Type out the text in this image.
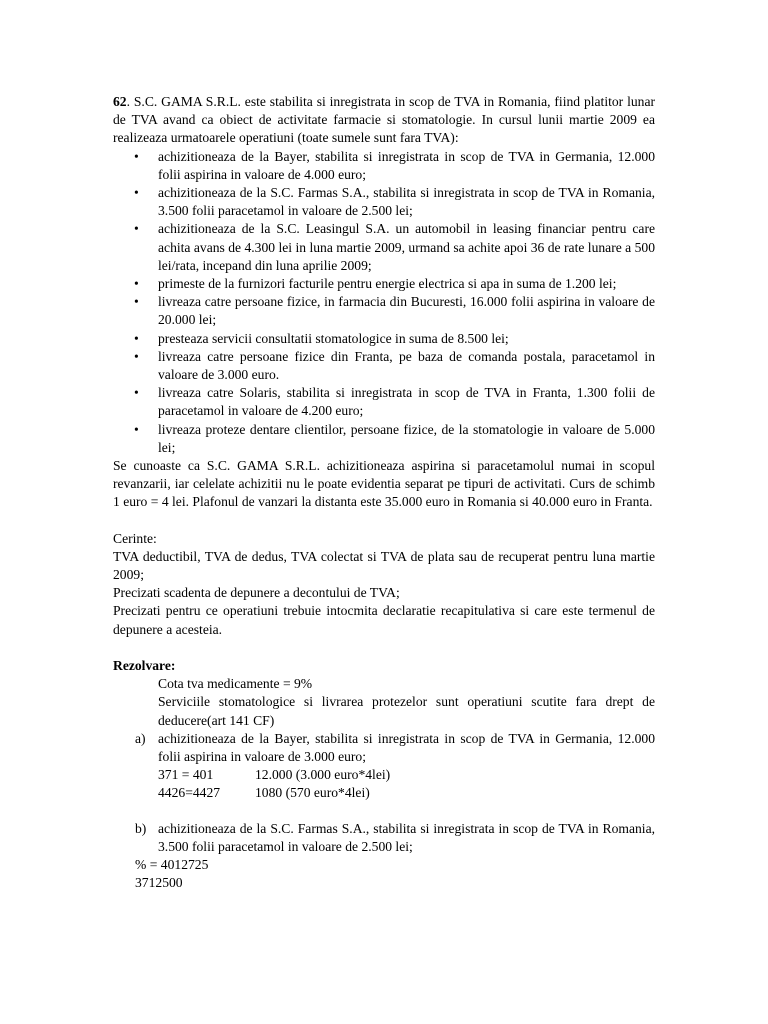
62. S.C. GAMA S.R.L. este stabilita si inregistrata in scop de TVA in Romania, fiind platitor lunar de TVA avand ca obiect de activitate farmacie si stomatologie. In cursul lunii martie 2009 ea realizeaza urmatoarele operatiuni (toate sumele sunt fara TVA):

• achizitioneaza de la Bayer, stabilita si inregistrata in scop de TVA in Germania, 12.000 folii aspirina in valoare de 4.000 euro;
• achizitioneaza de la S.C. Farmas S.A., stabilita si inregistrata in scop de TVA in Romania, 3.500 folii paracetamol in valoare de 2.500 lei;
• achizitioneaza de la S.C. Leasingul S.A. un automobil in leasing financiar pentru care achita avans de 4.300 lei in luna martie 2009, urmand sa achite apoi 36 de rate lunare a 500 lei/rata, incepand din luna aprilie 2009;
• primeste de la furnizori facturile pentru energie electrica si apa in suma de 1.200 lei;
• livreaza catre persoane fizice, in farmacia din Bucuresti, 16.000 folii aspirina in valoare de 20.000 lei;
• presteaza servicii consultatii stomatologice in suma de 8.500 lei;
• livreaza catre persoane fizice din Franta, pe baza de comanda postala, paracetamol in valoare de 3.000 euro.
• livreaza catre Solaris, stabilita si inregistrata in scop de TVA in Franta, 1.300 folii de paracetamol in valoare de 4.200 euro;
• livreaza proteze dentare clientilor, persoane fizice, de la stomatologie in valoare de 5.000 lei;

Se cunoaste ca S.C. GAMA S.R.L. achizitioneaza aspirina si paracetamolul numai in scopul revanzarii, iar celelate achizitii nu le poate evidentia separat pe tipuri de activitati. Curs de schimb 1 euro = 4 lei. Plafonul de vanzari la distanta este 35.000 euro in Romania si 40.000 euro in Franta.

Cerinte:

TVA deductibil, TVA de dedus, TVA colectat si TVA de plata sau de recuperat pentru luna martie 2009;

Precizati scadenta de depunere a decontului de TVA;

Precizati pentru ce operatiuni trebuie intocmita declaratie recapitulativa si care este termenul de depunere a acesteia.

Rezolvare:

Cota tva medicamente = 9%

Serviciile stomatologice si livrarea protezelor sunt operatiuni scutite fara drept de deducere(art 141 CF)

a) achizitioneaza de la Bayer, stabilita si inregistrata in scop de TVA in Germania, 12.000 folii aspirina in valoare de 3.000 euro;
371 = 401	12.000 (3.000 euro*4lei)
4426=4427	1080 (570 euro*4lei)
b) achizitioneaza de la S.C. Farmas S.A., stabilita si inregistrata in scop de TVA in Romania, 3.500 folii paracetamol in valoare de 2.500 lei;
% = 401 2725
371 2500
